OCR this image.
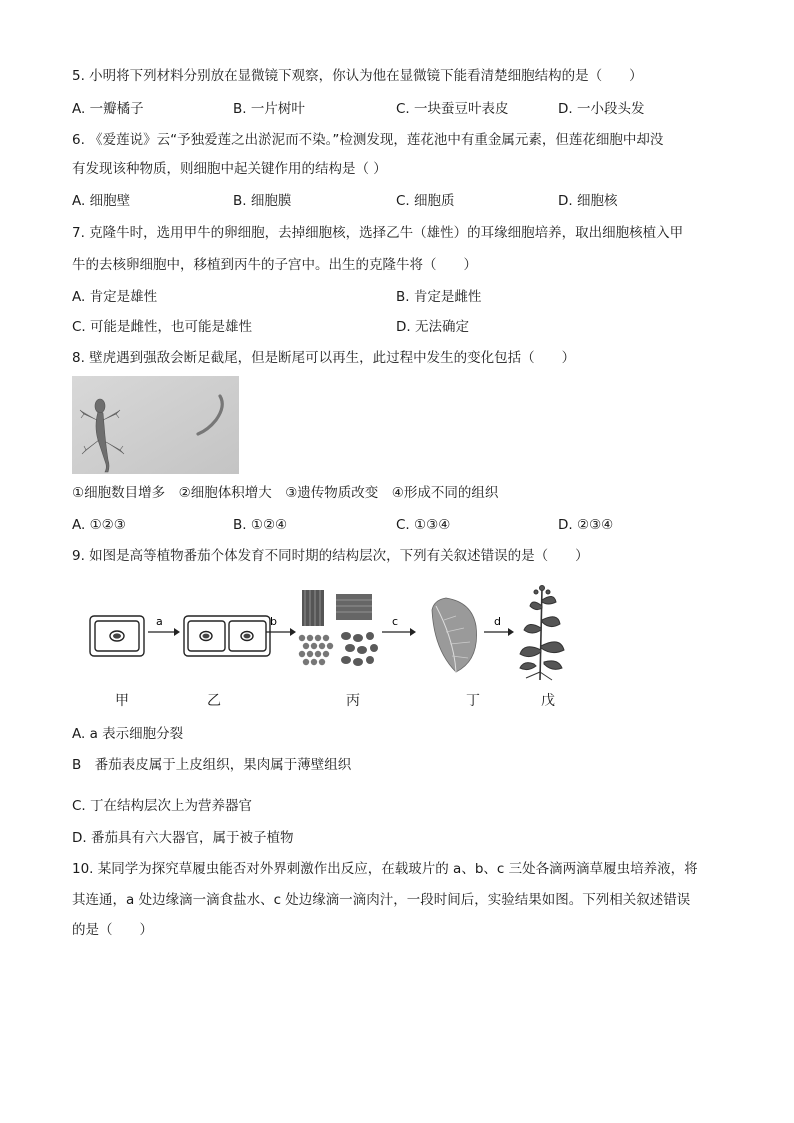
5. 小明将下列材料分别放在显微镜下观察，你认为他在显微镜下能看清楚细胞结构的是（　　）
A. 一瓣橘子	B. 一片树叶	C. 一块蚕豆叶表皮	D. 一小段头发
6. 《爱莲说》云“予独爱莲之出淤泥而不染。”检测发现，莲花池中有重金属元素，但莲花细胞中却没
有发现该种物质，则细胞中起关键作用的结构是（ ）
A. 细胞壁	B. 细胞膜	C. 细胞质	D. 细胞核
7. 克隆牛时，选用甲牛的卵细胞，去掉细胞核，选择乙牛（雄性）的耳缘细胞培养，取出细胞核植入甲
牛的去核卵细胞中，移植到丙牛的子宫中。出生的克隆牛将（　　）
A. 肯定是雄性	B. 肯定是雌性
C. 可能是雌性，也可能是雄性	D. 无法确定
8. 壁虎遇到强敌会断足截尾，但是断尾可以再生，此过程中发生的变化包括（　　）
①细胞数目增多　②细胞体积增大　③遗传物质改变　④形成不同的组织
A. ①②③	B. ①②④	C. ①③④	D. ②③④
9. 如图是高等植物番茄个体发育不同时期的结构层次，下列有关叙述错误的是（　　）
a	b	c	d
甲	乙	丙	丁	戊
A. a 表示细胞分裂
B　番茄表皮属于上皮组织，果肉属于薄壁组织
C. 丁在结构层次上为营养器官
D. 番茄具有六大器官，属于被子植物
10. 某同学为探究草履虫能否对外界刺激作出反应，在载玻片的 a、b、c 三处各滴两滴草履虫培养液，将
其连通，a 处边缘滴一滴食盐水、c 处边缘滴一滴肉汁，一段时间后，实验结果如图。下列相关叙述错误
的是（　　）
